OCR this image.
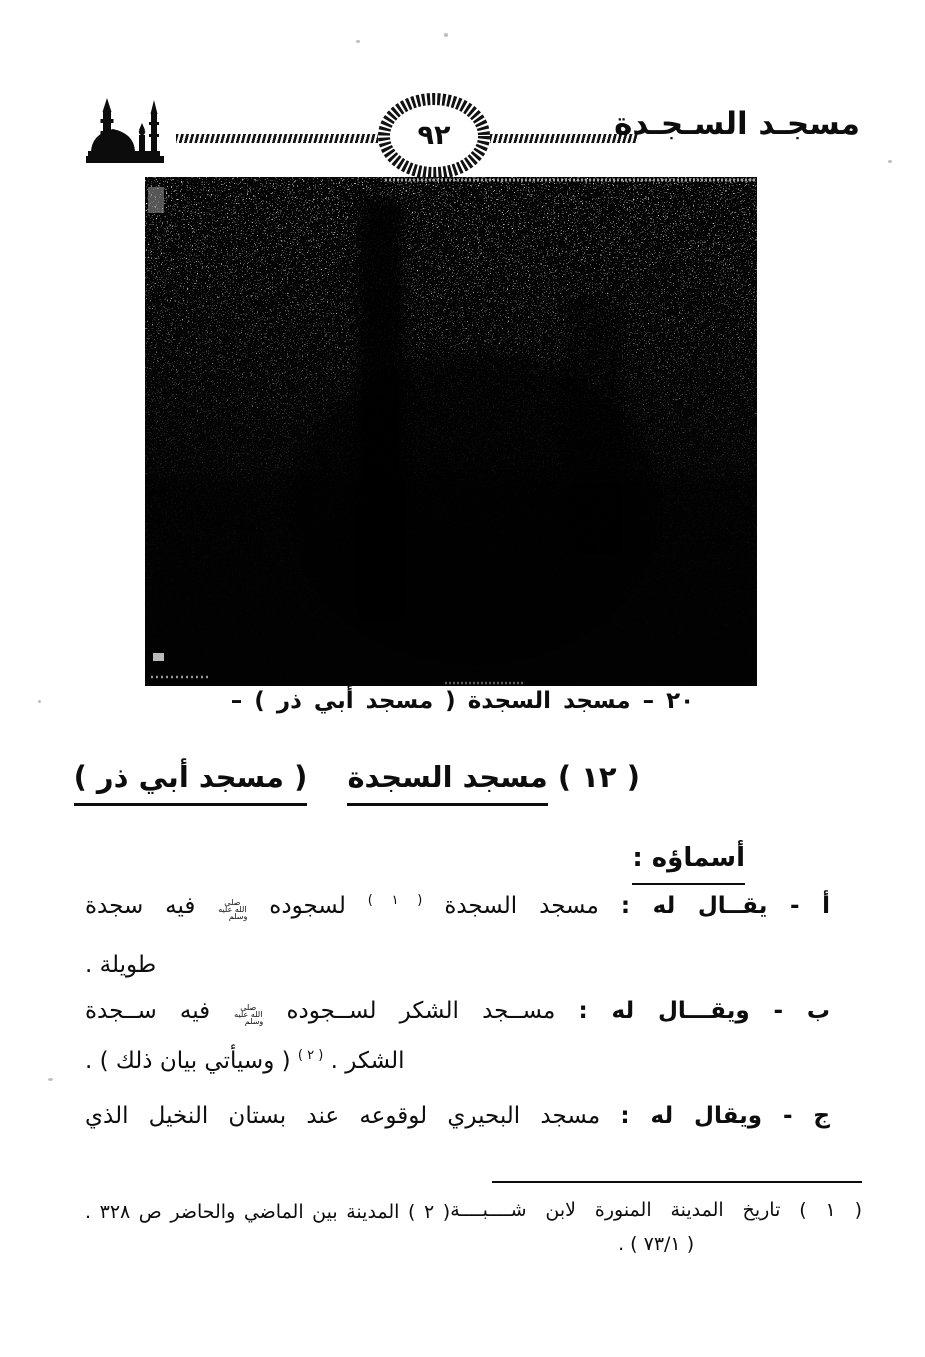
٩٢	مسجـد السـجـدة
٢٠ – مسجد السجدة ( مسجد أبي ذر ) –
( ١٢ ) مسجد السجدة ( مسجد أبي ذر )
أسماؤه :
أ - يقــال له : مسجد السجدة $^{( ١ )}$ لسجوده صلى الله عليه وسلم فيه سجدة
طويلة .
ب - ويقـــال له : مســجد الشكر لســجوده صلى الله عليه وسلم فيه ســجدة
الشكر . $^{( ٢ )}$ ( وسيأتي بيان ذلك ) .
ج - ويقال له : مسجد البحيري لوقوعه عند بستان النخيل الذي
( ١ ) تاريخ المدينة المنورة لابن شــــبــــة
( ٧٣/١ ) .
( ٢ ) المدينة بين الماضي والحاضر ص ٣٢٨ .
